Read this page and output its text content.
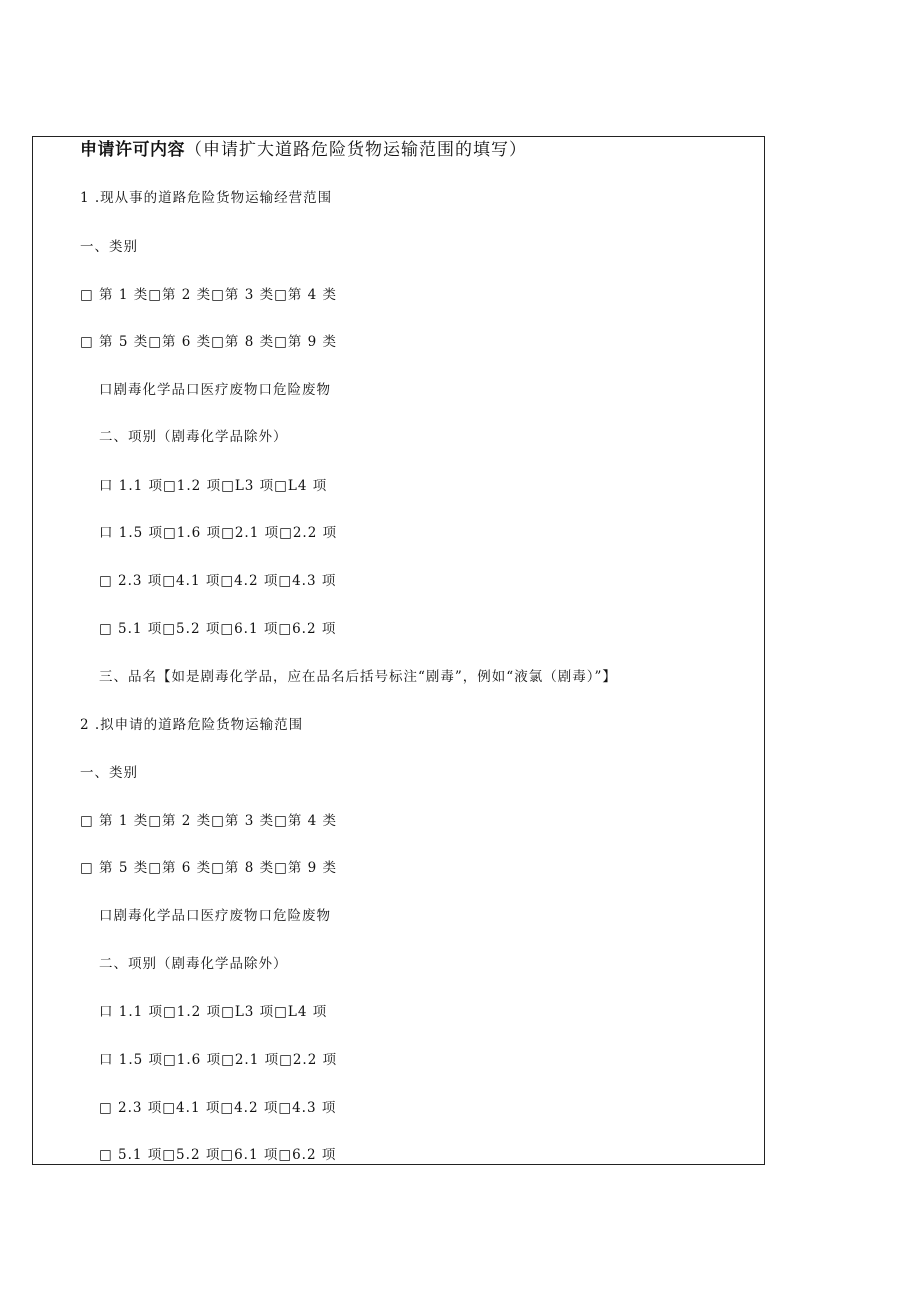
申请许可内容（申请扩大道路危险货物运输范围的填写）
1 .现从事的道路危险货物运输经营范围
一、类别
□ 第 1 类□第 2 类□第 3 类□第 4 类
□ 第 5 类□第 6 类□第 8 类□第 9 类
口剧毒化学品口医疗废物口危险废物
二、项别（剧毒化学品除外）
口 1.1 项□1.2 项□L3 项□L4 项
口 1.5 项□1.6 项□2.1 项□2.2 项
□ 2.3 项□4.1 项□4.2 项□4.3 项
□ 5.1 项□5.2 项□6.1 项□6.2 项
三、品名【如是剧毒化学品，应在品名后括号标注“剧毒”，例如“液氯（剧毒）”】
2 .拟申请的道路危险货物运输范围
一、类别
□ 第 1 类□第 2 类□第 3 类□第 4 类
□ 第 5 类□第 6 类□第 8 类□第 9 类
口剧毒化学品口医疗废物口危险废物
二、项别（剧毒化学品除外）
口 1.1 项□1.2 项□L3 项□L4 项
口 1.5 项□1.6 项□2.1 项□2.2 项
□ 2.3 项□4.1 项□4.2 项□4.3 项
□ 5.1 项□5.2 项□6.1 项□6.2 项
